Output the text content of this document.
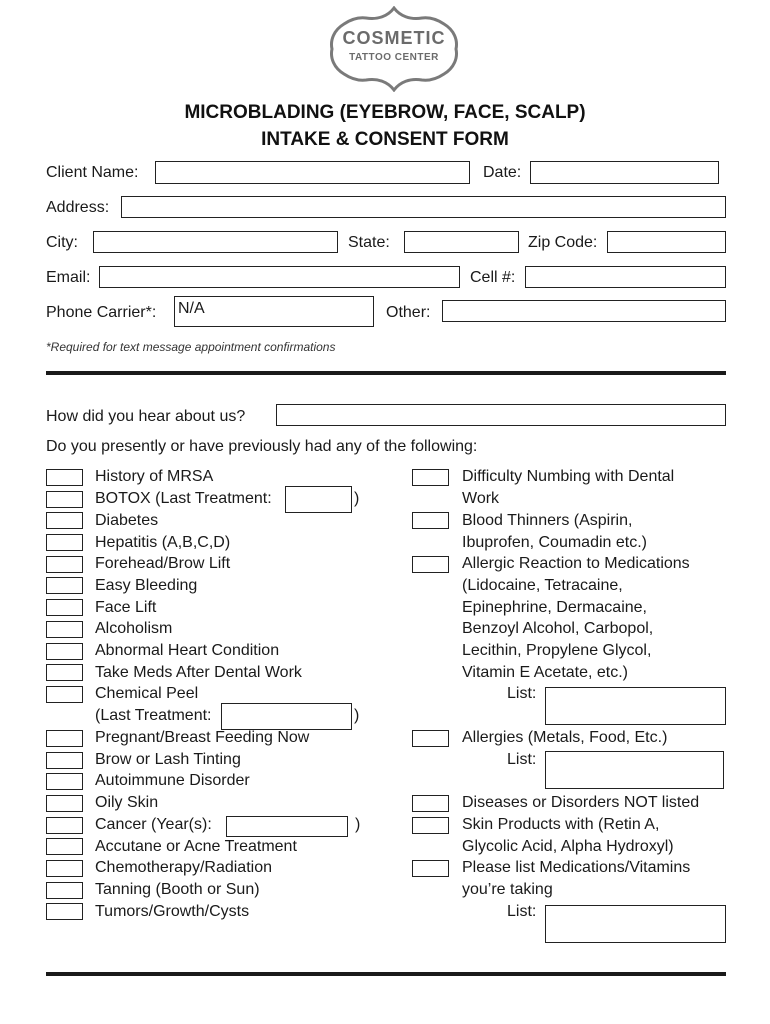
COSMETIC
TATTOO CENTER
MICROBLADING (EYEBROW, FACE, SCALP)
INTAKE & CONSENT FORM
Client Name:	Date:
Address:
City:	State:	Zip Code:
Email:	Cell #:
Phone Carrier*: N/A	Other:
*Required for text message appointment confirmations
How did you hear about us?
Do you presently or have previously had any of the following:
History of MRSA
BOTOX (Last Treatment:	)
Diabetes
Hepatitis (A,B,C,D)
Forehead/Brow Lift
Easy Bleeding
Face Lift
Alcoholism
Abnormal Heart Condition
Take Meds After Dental Work
Chemical Peel
(Last Treatment:	)
Pregnant/Breast Feeding Now
Brow or Lash Tinting
Autoimmune Disorder
Oily Skin
Cancer (Year(s):	)
Accutane or Acne Treatment
Chemotherapy/Radiation
Tanning (Booth or Sun)
Tumors/Growth/Cysts
Difficulty Numbing with Dental
Work
Blood Thinners (Aspirin,
Ibuprofen, Coumadin etc.)
Allergic Reaction to Medications
(Lidocaine, Tetracaine,
Epinephrine, Dermacaine,
Benzoyl Alcohol, Carbopol,
Lecithin, Propylene Glycol,
Vitamin E Acetate, etc.)
List:
Allergies (Metals, Food, Etc.)
List:
Diseases or Disorders NOT listed
Skin Products with (Retin A,
Glycolic Acid, Alpha Hydroxyl)
Please list Medications/Vitamins
you’re taking
List:
